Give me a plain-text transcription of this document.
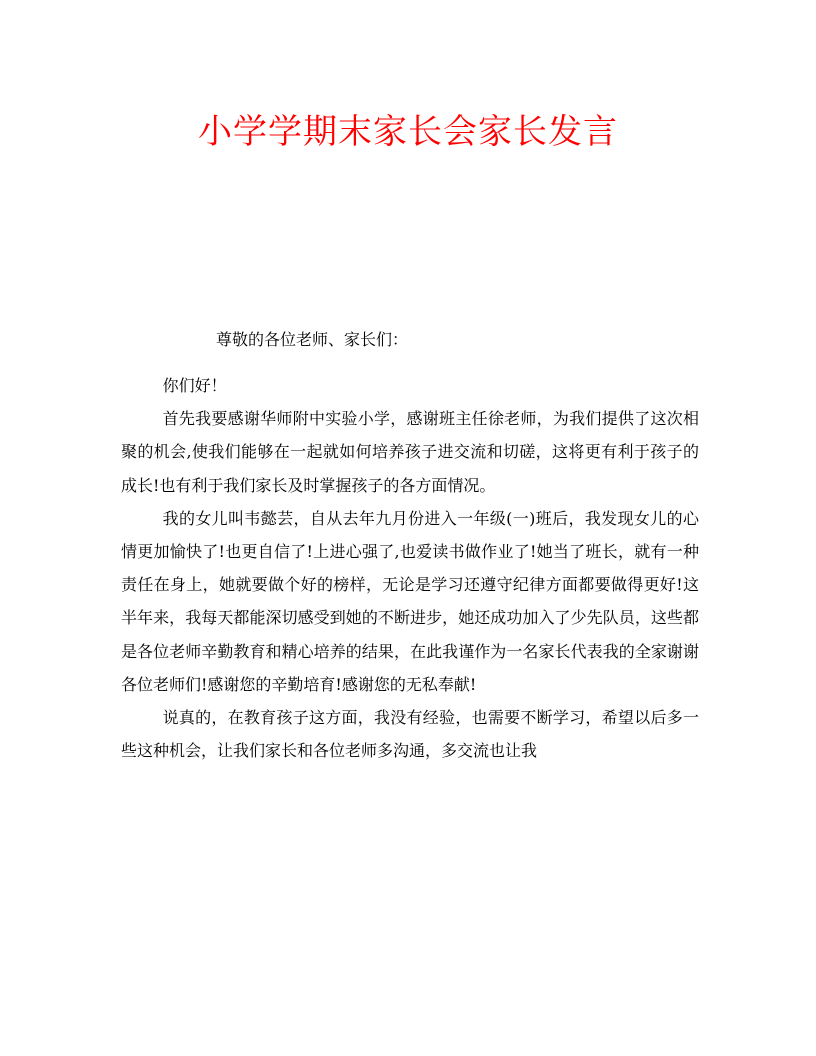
小学学期末家长会家长发言

尊敬的各位老师、家长们：

你们好！

首先我要感谢华师附中实验小学，感谢班主任徐老师，为我们提供了这次相聚的机会,使我们能够在一起就如何培养孩子进交流和切磋，这将更有利于孩子的成长!也有利于我们家长及时掌握孩子的各方面情况。

我的女儿叫韦懿芸，自从去年九月份进入一年级(一)班后，我发现女儿的心情更加愉快了!也更自信了!上进心强了,也爱读书做作业了!她当了班长，就有一种责任在身上，她就要做个好的榜样，无论是学习还遵守纪律方面都要做得更好!这半年来，我每天都能深切感受到她的不断进步，她还成功加入了少先队员，这些都是各位老师辛勤教育和精心培养的结果，在此我谨作为一名家长代表我的全家谢谢各位老师们!感谢您的辛勤培育!感谢您的无私奉献!

说真的，在教育孩子这方面，我没有经验，也需要不断学习，希望以后多一些这种机会，让我们家长和各位老师多沟通，多交流也让我
